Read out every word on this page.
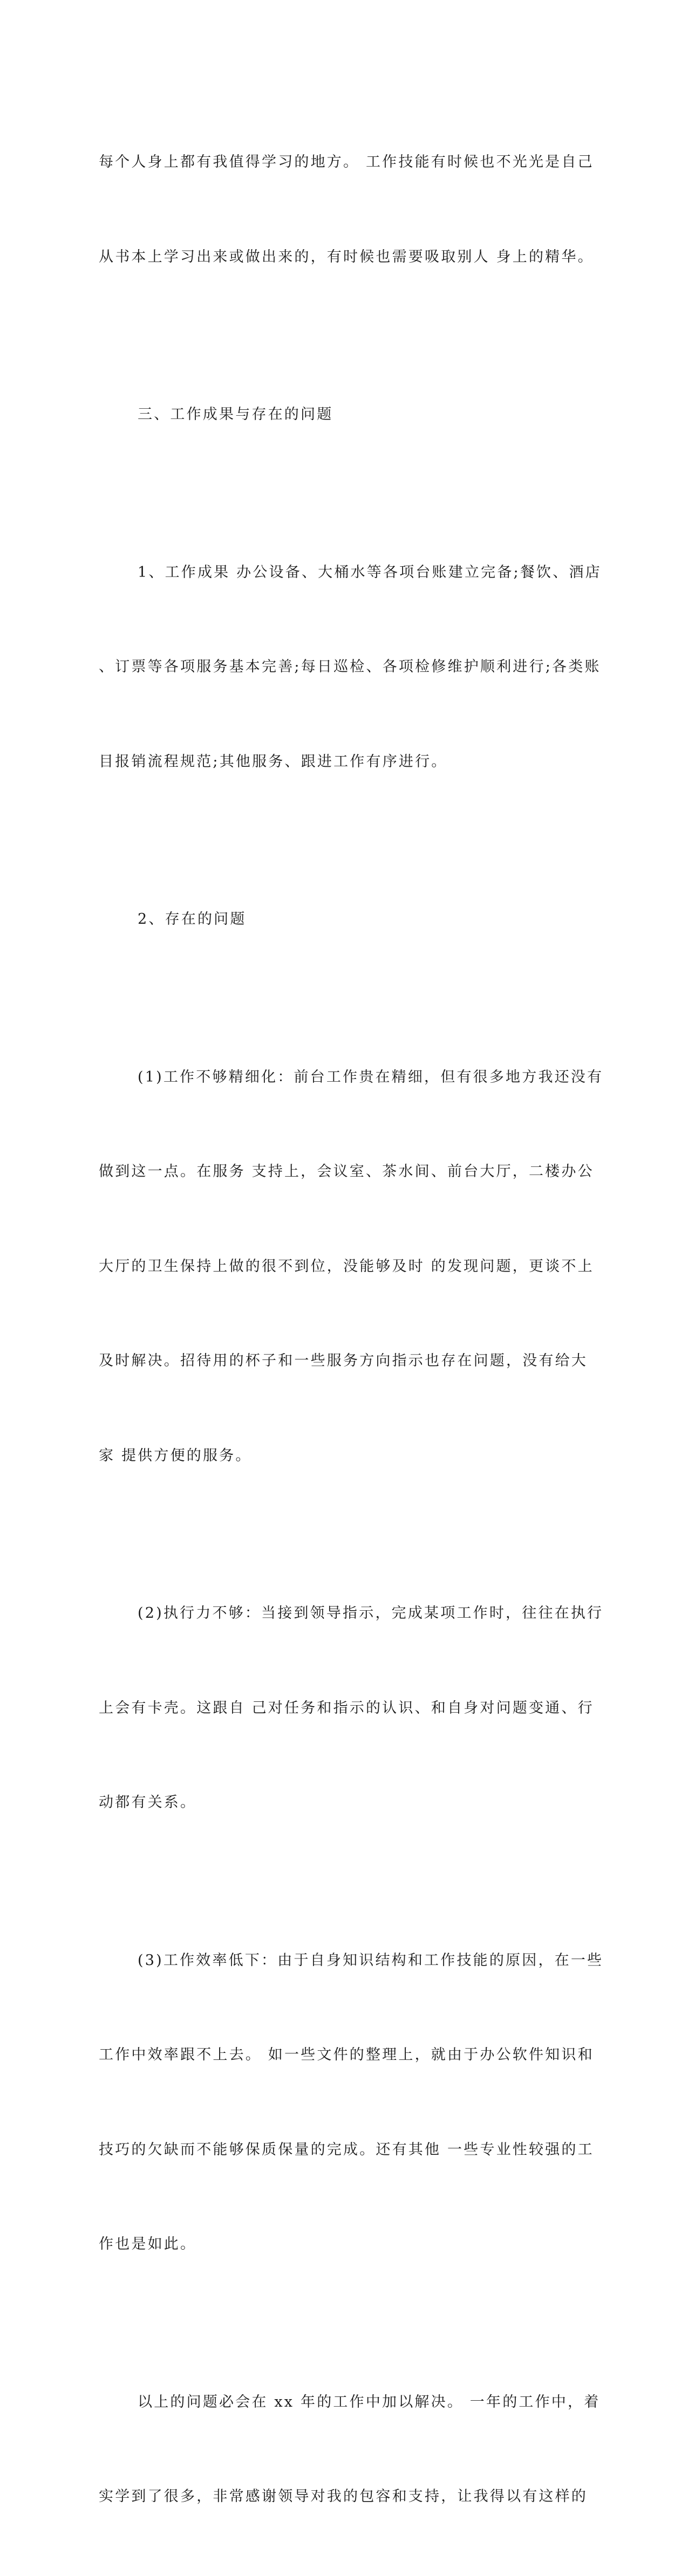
每个人身上都有我值得学习的地方。 工作技能有时候也不光光是自己

从书本上学习出来或做出来的，有时候也需要吸取别人 身上的精华。

三、工作成果与存在的问题

1、工作成果 办公设备、大桶水等各项台账建立完备;餐饮、酒店

、订票等各项服务基本完善;每日巡检、各项检修维护顺利进行;各类账

目报销流程规范;其他服务、跟进工作有序进行。

2、存在的问题

(1)工作不够精细化：前台工作贵在精细，但有很多地方我还没有

做到这一点。在服务 支持上，会议室、茶水间、前台大厅，二楼办公

大厅的卫生保持上做的很不到位，没能够及时 的发现问题，更谈不上

及时解决。招待用的杯子和一些服务方向指示也存在问题，没有给大

家 提供方便的服务。

(2)执行力不够：当接到领导指示，完成某项工作时，往往在执行

上会有卡壳。这跟自 己对任务和指示的认识、和自身对问题变通、行

动都有关系。

(3)工作效率低下：由于自身知识结构和工作技能的原因，在一些

工作中效率跟不上去。 如一些文件的整理上，就由于办公软件知识和

技巧的欠缺而不能够保质保量的完成。还有其他 一些专业性较强的工

作也是如此。

以上的问题必会在 xx 年的工作中加以解决。 一年的工作中，着

实学到了很多，非常感谢领导对我的包容和支持，让我得以有这样的
